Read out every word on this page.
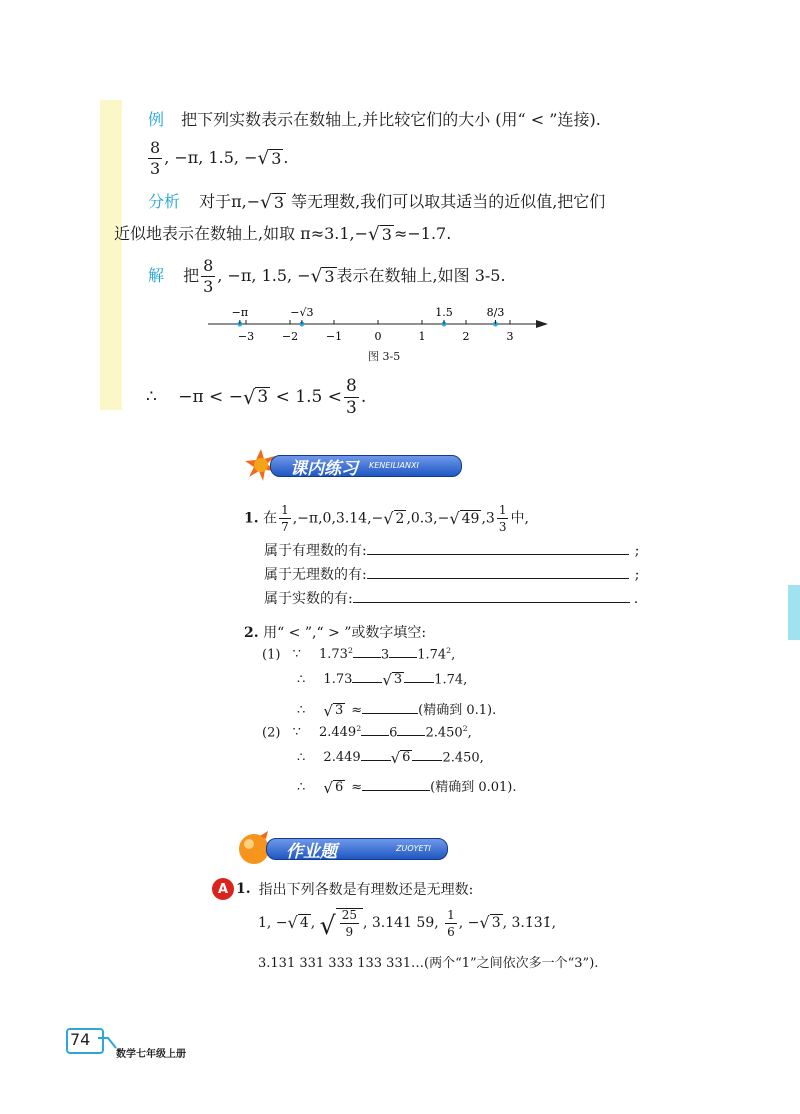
例 把下列实数表示在数轴上,并比较它们的大小 (用“ < ”连接).
$\frac{8}{3}$ , −π, 1.5, − √ 3 .
分析 对于π,− √ 3 等无理数,我们可以取其适当的近似值,把它们
近似地表示在数轴上,如取 π≈3.1,− √ 3 ≈−1.7.
解 把 $\frac{8}{3}$ , −π, 1.5, − √ 3 表示在数轴上,如图 3-5.
−3	−2	−1	0	1	2	3
−π	−√3	1.5	8/3
图 3-5
∴ −π < − √ $3 < 1.5 < \frac{8}{3}$ .
课内练习 KENEILIANXI
1. 在 $\frac{1}{7} ,-\pi,0,3.14,-$ √ 2 ,0.3,− √ 49 $,3 \frac{1}{3}$ 中,
属于有理数的有:	;
属于无理数的有:	;
属于实数的有:	.
2. 用“ < ”,“ > ”或数字填空:
(1) ∵ 1.73$^2$ 3 1.74$^2$,
∴ 1.73 √ 3 1.74,
∴ √ 3 ≈	(精确到 0.1).
(2) ∵ 2.449$^2$ 6 2.450$^2$,
∴ 2.449 √ 6 2.450,
∴ √ 6 ≈	(精确到 0.01).
作业题	ZUOYETI
A 1. 指出下列各数是有理数还是无理数:
1, − √ 4 , √ $\frac{25}{9}$ , 3.141 59, $\frac{1}{6}$ , − √ 3 , 3.1̇31̇,
3.131 331 333 133 331…(两个“1”之间依次多一个“3”).
74
数学七年级上册
